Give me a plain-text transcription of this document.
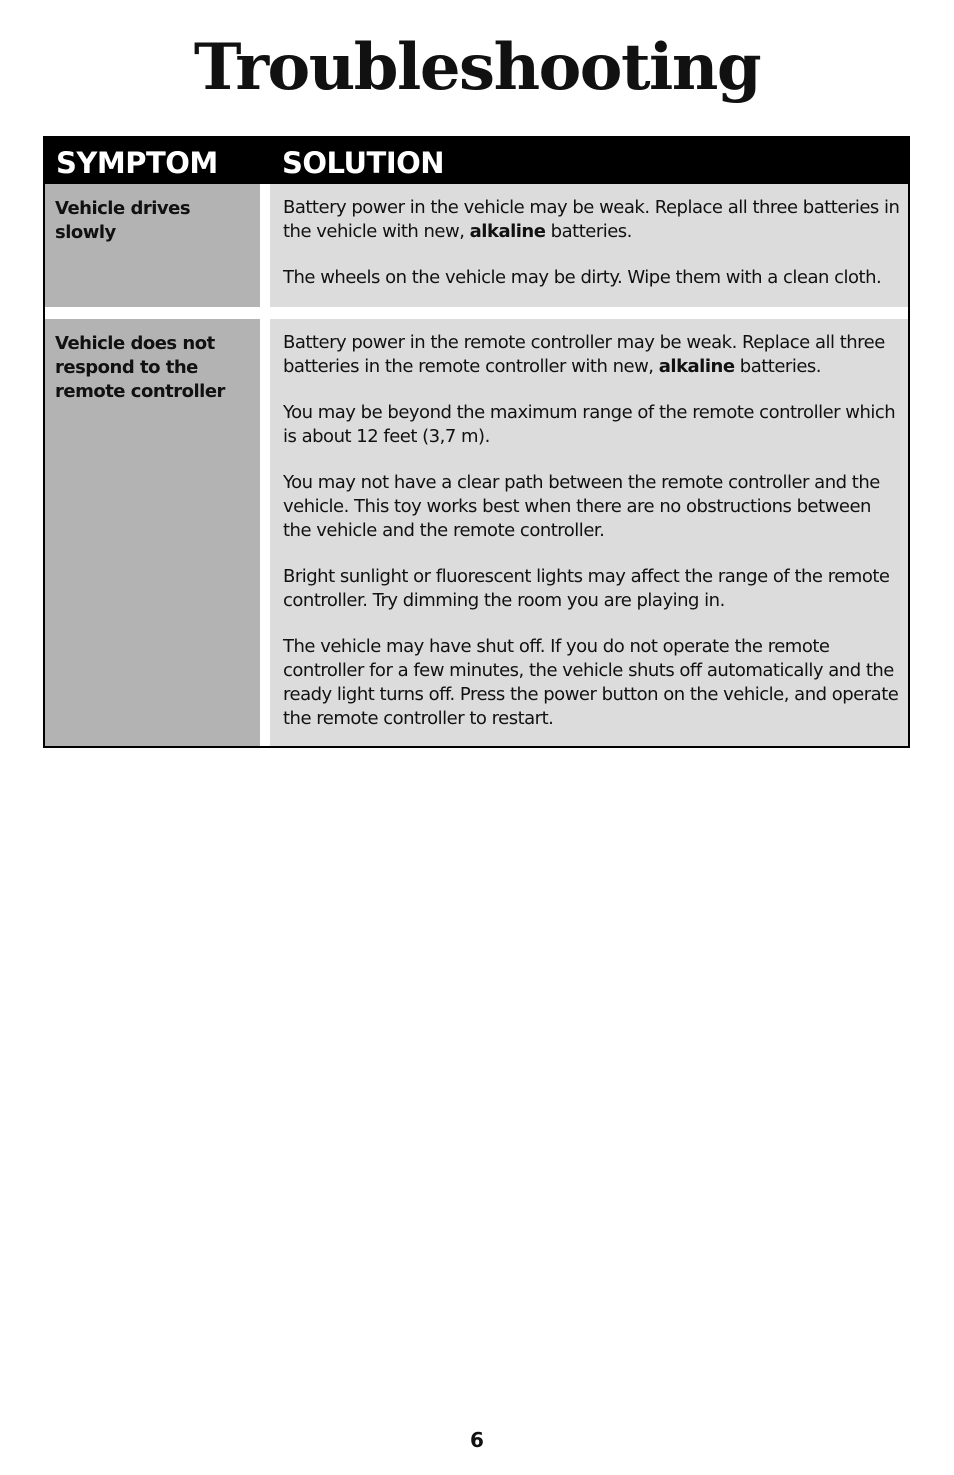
Troubleshooting
SYMPTOM SOLUTION
Vehicle drives slowly

Battery power in the vehicle may be weak. Replace all three batteries in the vehicle with new, alkaline batteries.

The wheels on the vehicle may be dirty. Wipe them with a clean cloth.

Vehicle does not respond to the remote controller

Battery power in the remote controller may be weak. Replace all three batteries in the remote controller with new, alkaline batteries.

You may be beyond the maximum range of the remote controller which is about 12 feet (3,7 m).

You may not have a clear path between the remote controller and the vehicle. This toy works best when there are no obstructions between the vehicle and the remote controller.

Bright sunlight or fluorescent lights may affect the range of the remote controller. Try dimming the room you are playing in.

The vehicle may have shut off. If you do not operate the remote controller for a few minutes, the vehicle shuts off automatically and the ready light turns off. Press the power button on the vehicle, and operate the remote controller to restart.

6
